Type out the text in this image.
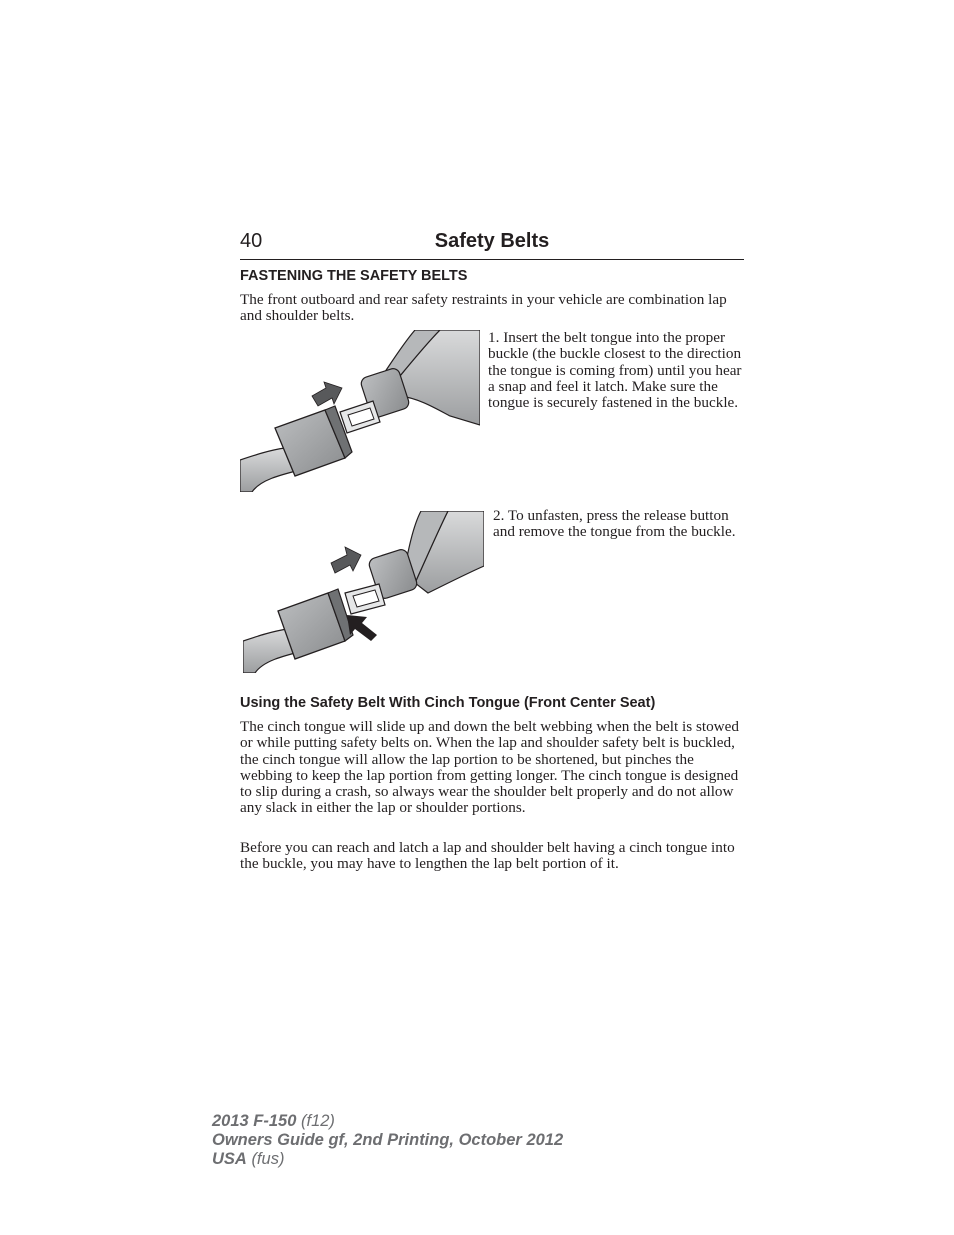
40	Safety Belts
FASTENING THE SAFETY BELTS

The front outboard and rear safety restraints in your vehicle are combination lap and shoulder belts.

1. Insert the belt tongue into the proper buckle (the buckle closest to the direction the tongue is coming from) until you hear a snap and feel it latch. Make sure the tongue is securely fastened in the buckle.

2. To unfasten, press the release button and remove the tongue from the buckle.

Using the Safety Belt With Cinch Tongue (Front Center Seat)

The cinch tongue will slide up and down the belt webbing when the belt is stowed or while putting safety belts on. When the lap and shoulder safety belt is buckled, the cinch tongue will allow the lap portion to be shortened, but pinches the webbing to keep the lap portion from getting longer. The cinch tongue is designed to slip during a crash, so always wear the shoulder belt properly and do not allow any slack in either the lap or shoulder portions.

Before you can reach and latch a lap and shoulder belt having a cinch tongue into the buckle, you may have to lengthen the lap belt portion of it.

2013 F-150 (f12)
Owners Guide gf, 2nd Printing, October 2012
USA (fus)
